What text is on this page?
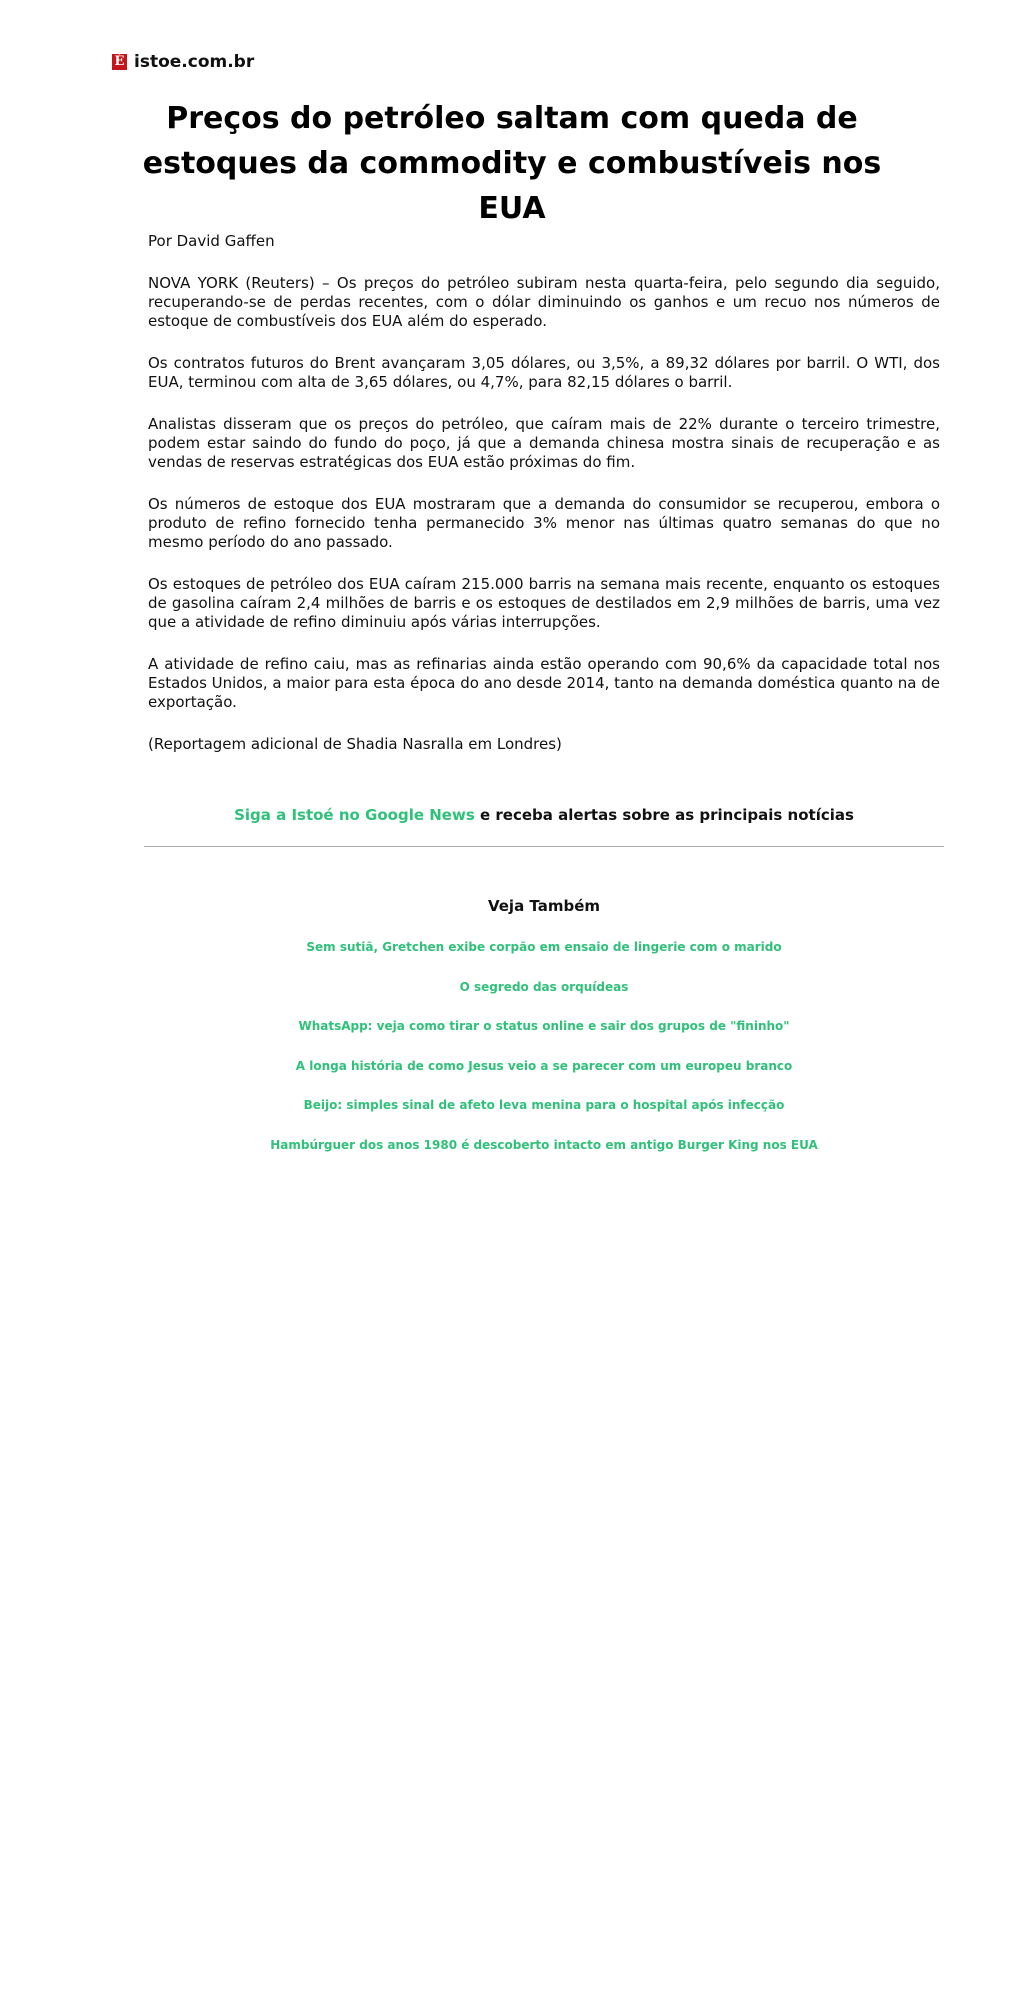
É istoe.com.br
Preços do petróleo saltam com queda de estoques da commodity e combustíveis nos EUA

Por David Gaffen

NOVA YORK (Reuters) – Os preços do petróleo subiram nesta quarta-feira, pelo segundo dia seguido, recuperando-se de perdas recentes, com o dólar diminuindo os ganhos e um recuo nos números de estoque de combustíveis dos EUA além do esperado.

Os contratos futuros do Brent avançaram 3,05 dólares, ou 3,5%, a 89,32 dólares por barril. O WTI, dos EUA, terminou com alta de 3,65 dólares, ou 4,7%, para 82,15 dólares o barril.

Analistas disseram que os preços do petróleo, que caíram mais de 22% durante o terceiro trimestre, podem estar saindo do fundo do poço, já que a demanda chinesa mostra sinais de recuperação e as vendas de reservas estratégicas dos EUA estão próximas do fim.

Os números de estoque dos EUA mostraram que a demanda do consumidor se recuperou, embora o produto de refino fornecido tenha permanecido 3% menor nas últimas quatro semanas do que no mesmo período do ano passado.

Os estoques de petróleo dos EUA caíram 215.000 barris na semana mais recente, enquanto os estoques de gasolina caíram 2,4 milhões de barris e os estoques de destilados em 2,9 milhões de barris, uma vez que a atividade de refino diminuiu após várias interrupções.

A atividade de refino caiu, mas as refinarias ainda estão operando com 90,6% da capacidade total nos Estados Unidos, a maior para esta época do ano desde 2014, tanto na demanda doméstica quanto na de exportação.

(Reportagem adicional de Shadia Nasralla em Londres)

Siga a Istoé no Google News e receba alertas sobre as principais notícias
Veja Também
Sem sutiã, Gretchen exibe corpão em ensaio de lingerie com o marido
O segredo das orquídeas
WhatsApp: veja como tirar o status online e sair dos grupos de "fininho"
A longa história de como Jesus veio a se parecer com um europeu branco
Beijo: simples sinal de afeto leva menina para o hospital após infecção
Hambúrguer dos anos 1980 é descoberto intacto em antigo Burger King nos EUA
